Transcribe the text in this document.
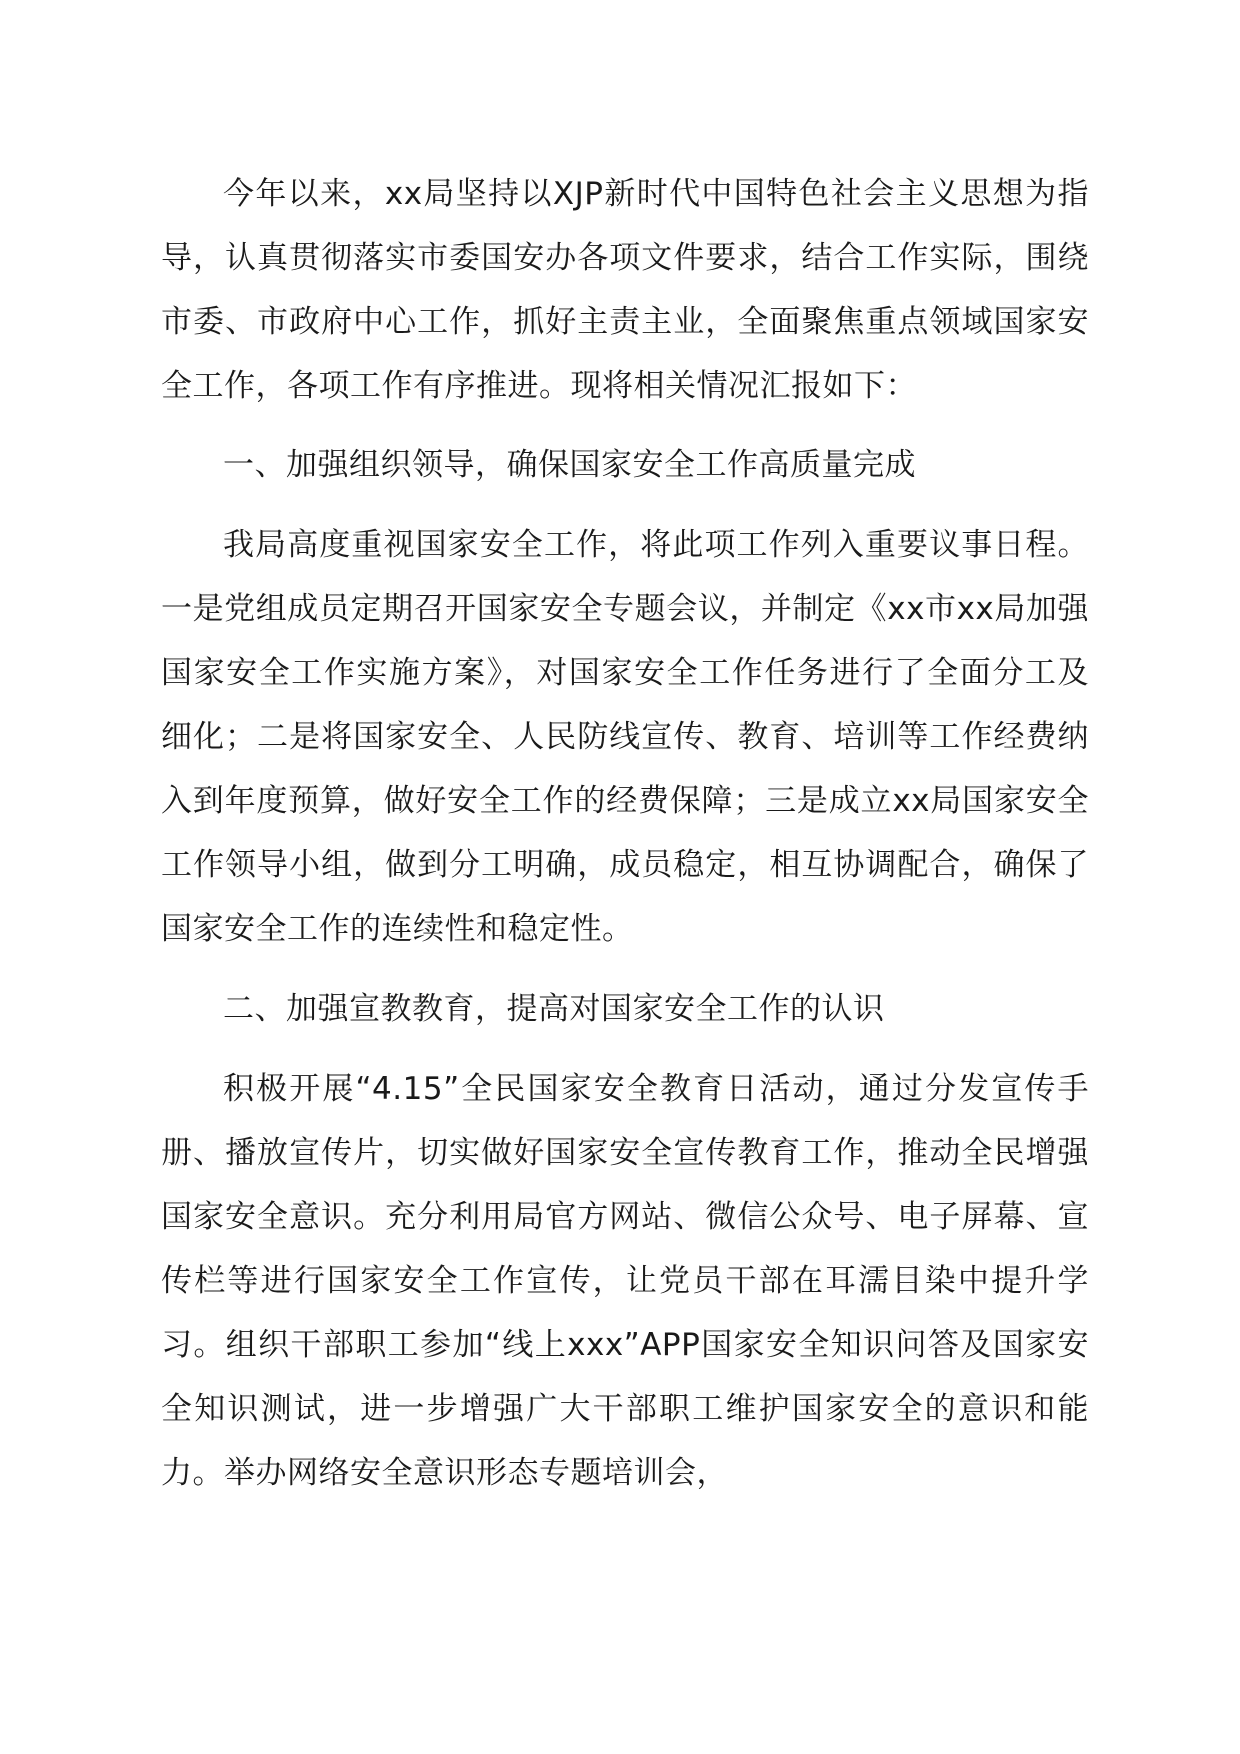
今年以来，xx局坚持以XJP新时代中国特色社会主义思想为指导，认真贯彻落实市委国安办各项文件要求，结合工作实际，围绕市委、市政府中心工作，抓好主责主业，全面聚焦重点领域国家安全工作，各项工作有序推进。现将相关情况汇报如下：

一、加强组织领导，确保国家安全工作高质量完成

我局高度重视国家安全工作，将此项工作列入重要议事日程。一是党组成员定期召开国家安全专题会议，并制定《xx市xx局加强国家安全工作实施方案》，对国家安全工作任务进行了全面分工及细化；二是将国家安全、人民防线宣传、教育、培训等工作经费纳入到年度预算，做好安全工作的经费保障；三是成立xx局国家安全工作领导小组，做到分工明确，成员稳定，相互协调配合，确保了国家安全工作的连续性和稳定性。

二、加强宣教教育，提高对国家安全工作的认识

积极开展“4.15”全民国家安全教育日活动，通过分发宣传手册、播放宣传片，切实做好国家安全宣传教育工作，推动全民增强国家安全意识。充分利用局官方网站、微信公众号、电子屏幕、宣传栏等进行国家安全工作宣传，让党员干部在耳濡目染中提升学习。组织干部职工参加“线上xxx”APP国家安全知识问答及国家安全知识测试，进一步增强广大干部职工维护国家安全的意识和能力。举办网络安全意识形态专题培训会，
